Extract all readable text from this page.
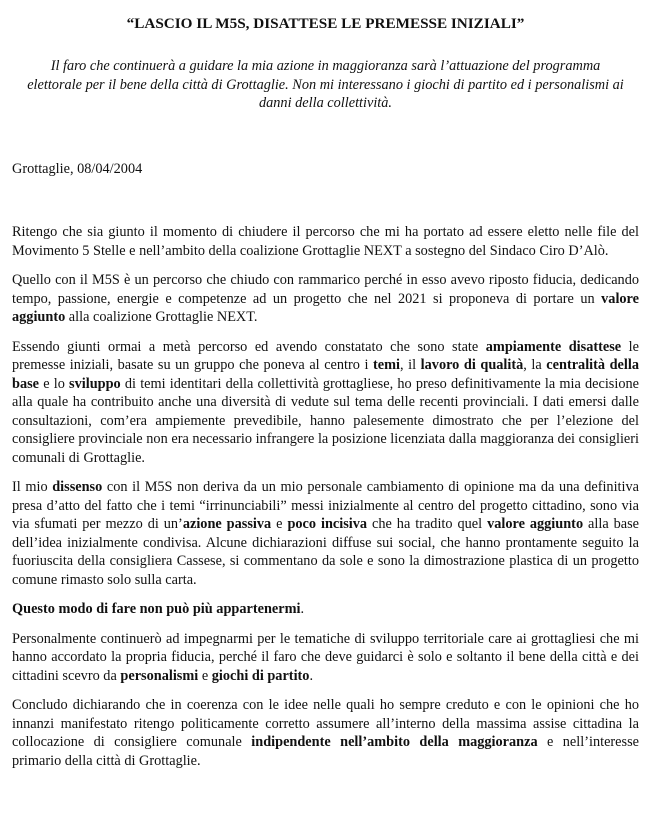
“LASCIO IL M5S, DISATTESE LE PREMESSE INIZIALI”

Il faro che continuerà a guidare la mia azione in maggioranza sarà l’attuazione del programma elettorale per il bene della città di Grottaglie. Non mi interessano i giochi di partito ed i personalismi ai danni della collettività.

Grottaglie, 08/04/2004

Ritengo che sia giunto il momento di chiudere il percorso che mi ha portato ad essere eletto nelle file del Movimento 5 Stelle e nell’ambito della coalizione Grottaglie NEXT a sostegno del Sindaco Ciro D’Alò.

Quello con il M5S è un percorso che chiudo con rammarico perché in esso avevo riposto fiducia, dedicando tempo, passione, energie e competenze ad un progetto che nel 2021 si proponeva di portare un valore aggiunto alla coalizione Grottaglie NEXT.

Essendo giunti ormai a metà percorso ed avendo constatato che sono state ampiamente disattese le premesse iniziali, basate su un gruppo che poneva al centro i temi, il lavoro di qualità, la centralità della base e lo sviluppo di temi identitari della collettività grottagliese, ho preso definitivamente la mia decisione alla quale ha contribuito anche una diversità di vedute sul tema delle recenti provinciali. I dati emersi dalle consultazioni, com’era ampiemente prevedibile, hanno palesemente dimostrato che per l’elezione del consigliere provinciale non era necessario infrangere la posizione licenziata dalla maggioranza dei consiglieri comunali di Grottaglie.

Il mio dissenso con il M5S non deriva da un mio personale cambiamento di opinione ma da una definitiva presa d’atto del fatto che i temi “irrinunciabili” messi inizialmente al centro del progetto cittadino, sono via via sfumati per mezzo di un’azione passiva e poco incisiva che ha tradito quel valore aggiunto alla base dell’idea inizialmente condivisa. Alcune dichiarazioni diffuse sui social, che hanno prontamente seguito la fuoriuscita della consigliera Cassese, si commentano da sole e sono la dimostrazione plastica di un progetto comune rimasto solo sulla carta.

Questo modo di fare non può più appartenermi.

Personalmente continuerò ad impegnarmi per le tematiche di sviluppo territoriale care ai grottagliesi che mi hanno accordato la propria fiducia, perché il faro che deve guidarci è solo e soltanto il bene della città e dei cittadini scevro da personalismi e giochi di partito.

Concludo dichiarando che in coerenza con le idee nelle quali ho sempre creduto e con le opinioni che ho innanzi manifestato ritengo politicamente corretto assumere all’interno della massima assise cittadina la collocazione di consigliere comunale indipendente nell’ambito della maggioranza e nell’interesse primario della città di Grottaglie.
